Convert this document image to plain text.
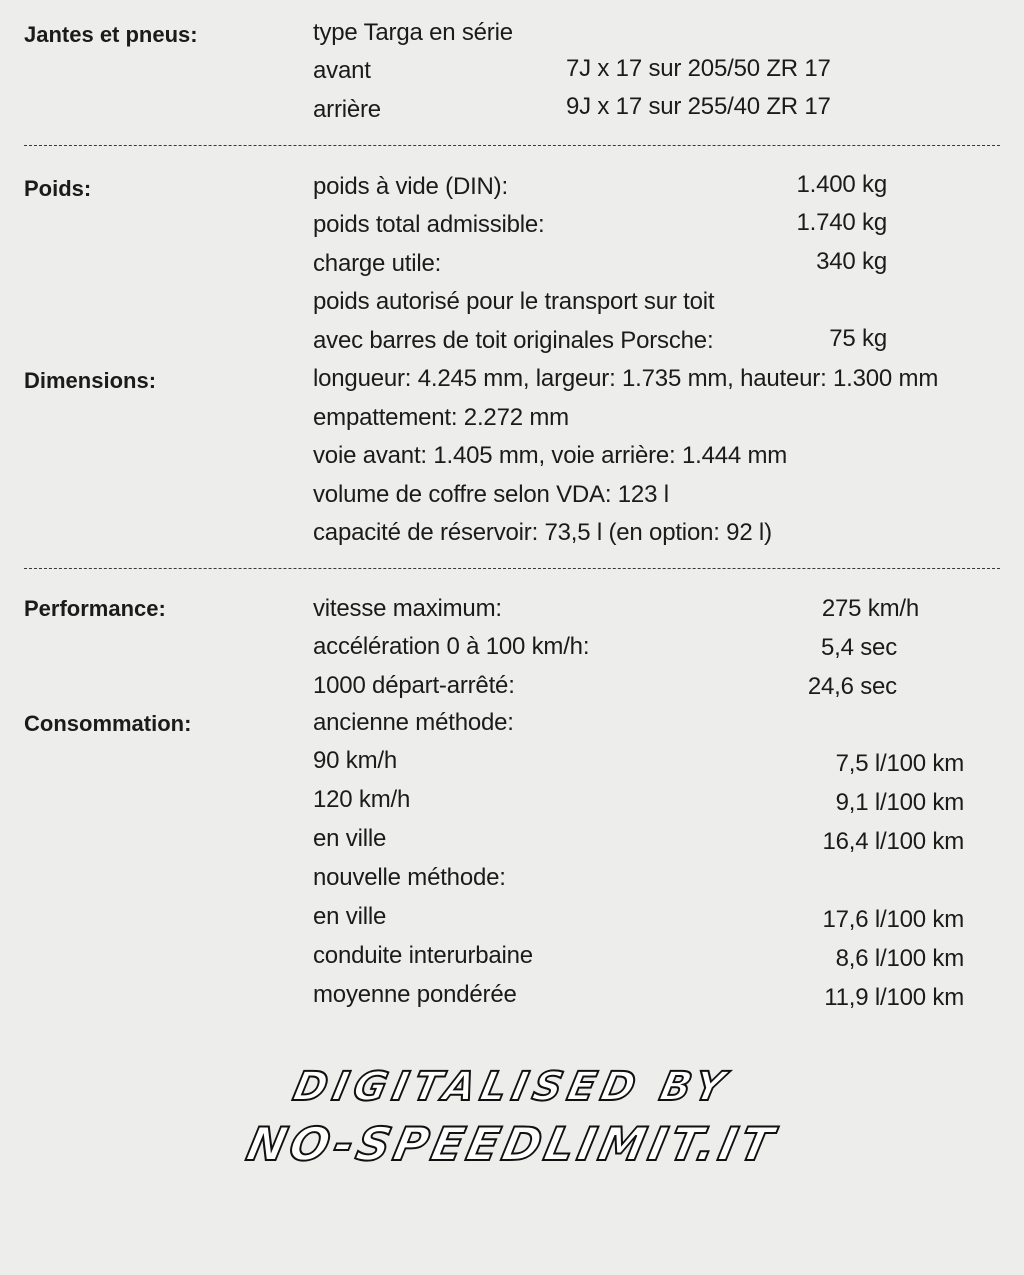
Jantes et pneus:	type Targa en série
avant	7J x 17 sur 205/50 ZR 17
arrière	9J x 17 sur 255/40 ZR 17
Poids:	poids à vide (DIN):	1.400 kg
poids total admissible:	1.740 kg
charge utile:	340 kg
poids autorisé pour le transport sur toit
avec barres de toit originales Porsche:	75 kg
Dimensions:	longueur: 4.245 mm, largeur: 1.735 mm, hauteur: 1.300 mm
empattement: 2.272 mm
voie avant: 1.405 mm, voie arrière: 1.444 mm
volume de coffre selon VDA: 123 l
capacité de réservoir: 73,5 l (en option: 92 l)
Performance:	vitesse maximum:	275 km/h
accélération 0 à 100 km/h:	5,4 sec
1000 départ-arrêté:	24,6 sec
Consommation:	ancienne méthode:
90 km/h	7,5 l/100 km
120 km/h	9,1 l/100 km
en ville	16,4 l/100 km
nouvelle méthode:
en ville	17,6 l/100 km
conduite interurbaine	8,6 l/100 km
moyenne pondérée	11,9 l/100 km
DIGITALISED BY
NO-SPEEDLIMIT.IT
